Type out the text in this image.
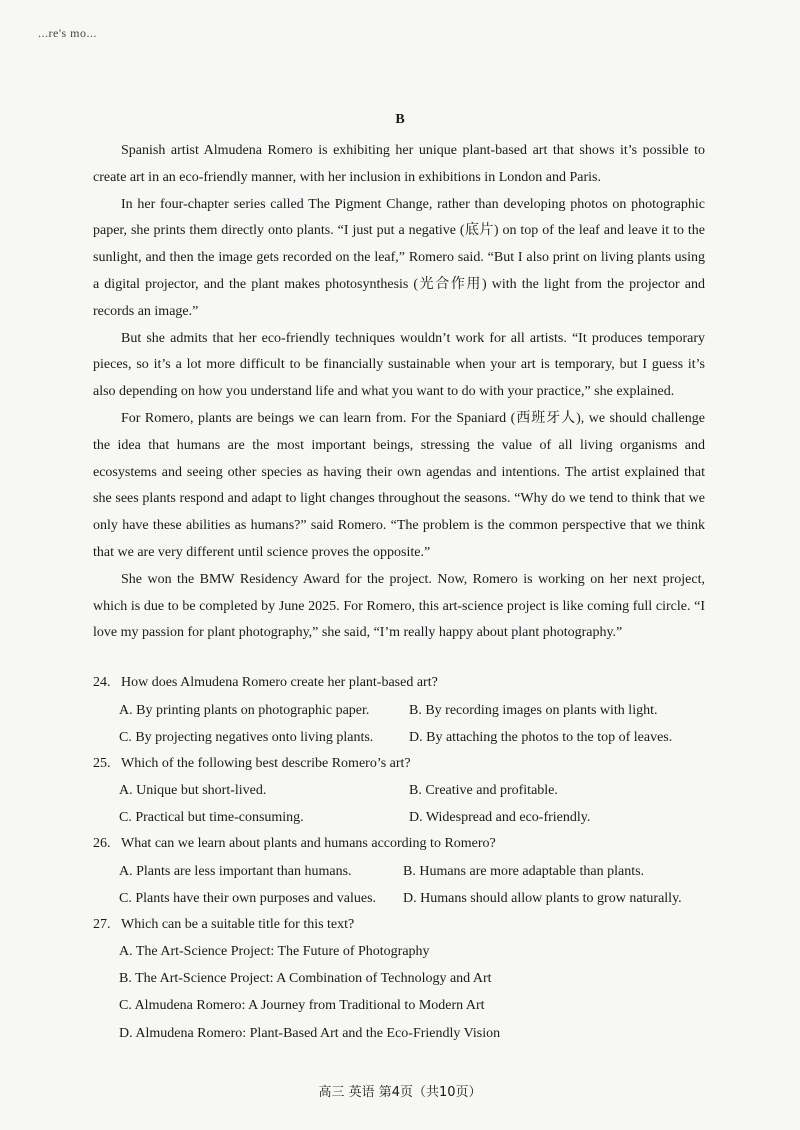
...re's mo...
B

Spanish artist Almudena Romero is exhibiting her unique plant-based art that shows it’s possible to create art in an eco-friendly manner, with her inclusion in exhibitions in London and Paris.

In her four-chapter series called The Pigment Change, rather than developing photos on photographic paper, she prints them directly onto plants. “I just put a negative (底片) on top of the leaf and leave it to the sunlight, and then the image gets recorded on the leaf,” Romero said. “But I also print on living plants using a digital projector, and the plant makes photosynthesis (光合作用) with the light from the projector and records an image.”

But she admits that her eco-friendly techniques wouldn’t work for all artists. “It produces temporary pieces, so it’s a lot more difficult to be financially sustainable when your art is temporary, but I guess it’s also depending on how you understand life and what you want to do with your practice,” she explained.

For Romero, plants are beings we can learn from. For the Spaniard (西班牙人), we should challenge the idea that humans are the most important beings, stressing the value of all living organisms and ecosystems and seeing other species as having their own agendas and intentions. The artist explained that she sees plants respond and adapt to light changes throughout the seasons. “Why do we tend to think that we only have these abilities as humans?” said Romero. “The problem is the common perspective that we think that we are very different until science proves the opposite.”

She won the BMW Residency Award for the project. Now, Romero is working on her next project, which is due to be completed by June 2025. For Romero, this art-science project is like coming full circle. “I love my passion for plant photography,” she said, “I’m really happy about plant photography.”

24. How does Almudena Romero create her plant-based art?
A. By printing plants on photographic paper.	B. By recording images on plants with light.
C. By projecting negatives onto living plants.	D. By attaching the photos to the top of leaves.
25. Which of the following best describe Romero’s art?
A. Unique but short-lived.	B. Creative and profitable.
C. Practical but time-consuming.	D. Widespread and eco-friendly.
26. What can we learn about plants and humans according to Romero?
A. Plants are less important than humans.	B. Humans are more adaptable than plants.
C. Plants have their own purposes and values.	D. Humans should allow plants to grow naturally.
27. Which can be a suitable title for this text?
A. The Art-Science Project: The Future of Photography
B. The Art-Science Project: A Combination of Technology and Art
C. Almudena Romero: A Journey from Traditional to Modern Art
D. Almudena Romero: Plant-Based Art and the Eco-Friendly Vision
高三 英语 第4页（共10页）
